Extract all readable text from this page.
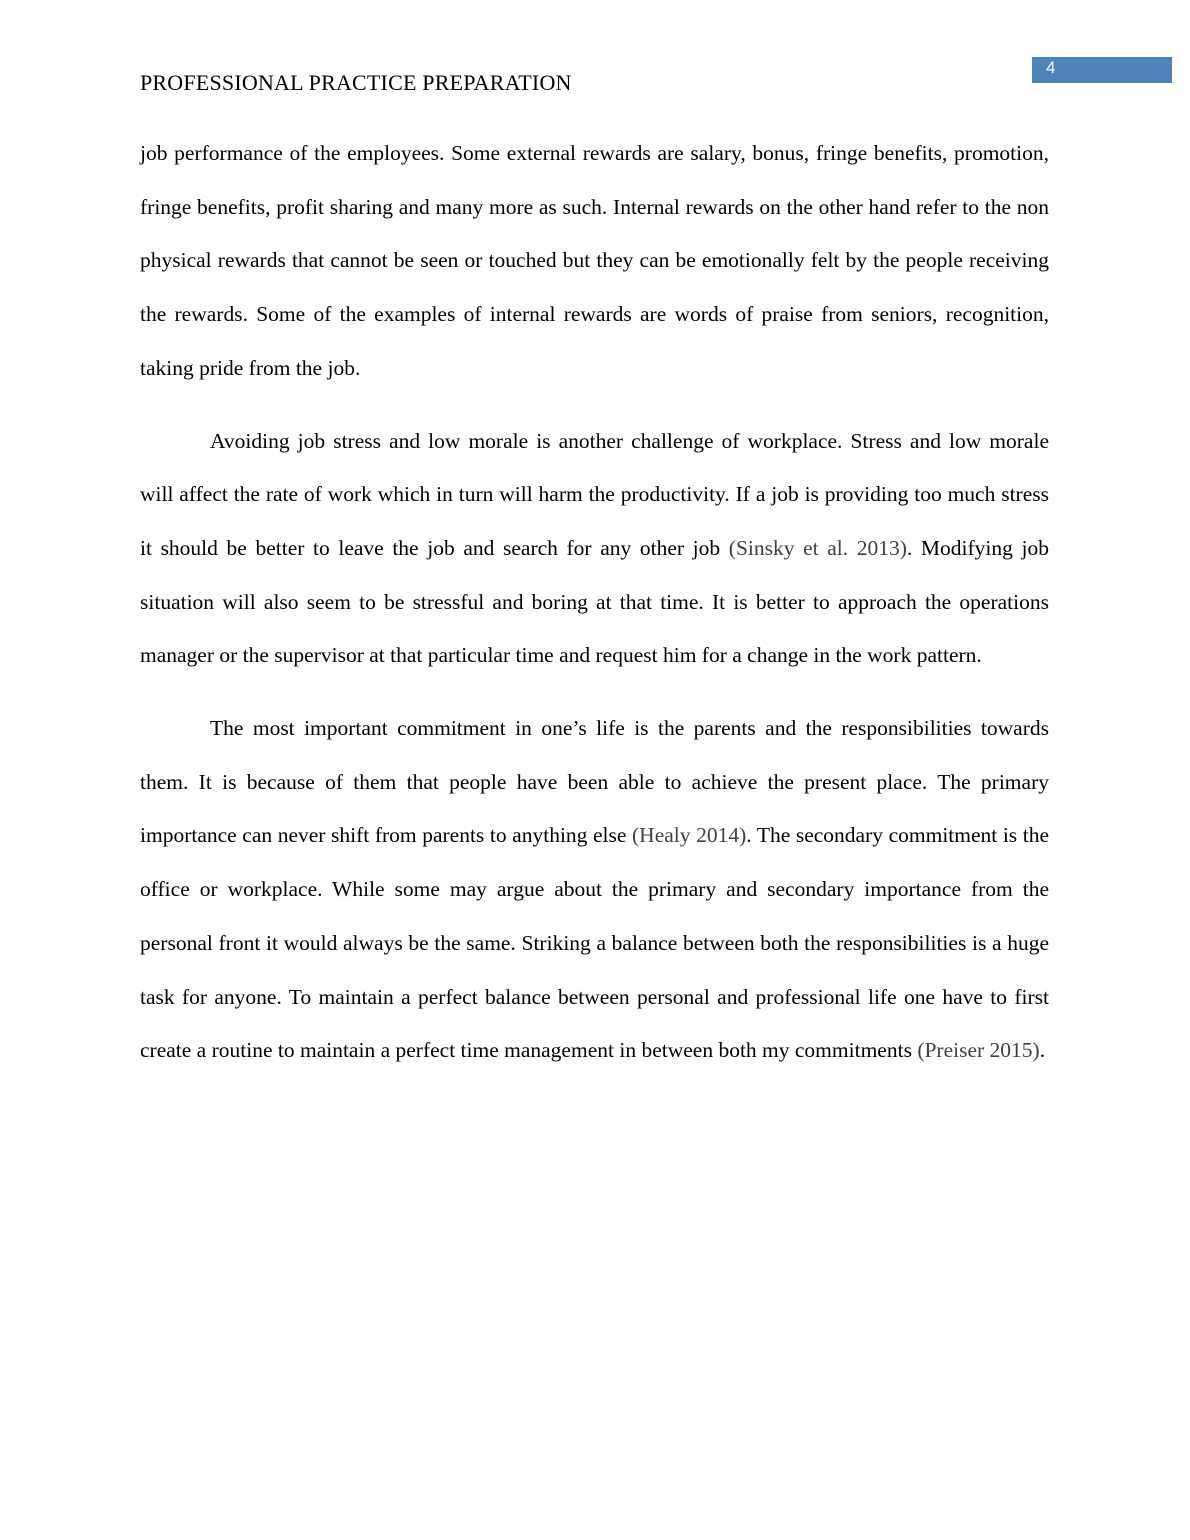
PROFESSIONAL PRACTICE PREPARATION
4

job performance of the employees. Some external rewards are salary, bonus, fringe benefits, promotion, fringe benefits, profit sharing and many more as such. Internal rewards on the other hand refer to the non physical rewards that cannot be seen or touched but they can be emotionally felt by the people receiving the rewards. Some of the examples of internal rewards are words of praise from seniors, recognition, taking pride from the job.

Avoiding job stress and low morale is another challenge of workplace. Stress and low morale will affect the rate of work which in turn will harm the productivity. If a job is providing too much stress it should be better to leave the job and search for any other job (Sinsky et al. 2013). Modifying job situation will also seem to be stressful and boring at that time. It is better to approach the operations manager or the supervisor at that particular time and request him for a change in the work pattern.

The most important commitment in one’s life is the parents and the responsibilities towards them. It is because of them that people have been able to achieve the present place. The primary importance can never shift from parents to anything else (Healy 2014). The secondary commitment is the office or workplace. While some may argue about the primary and secondary importance from the personal front it would always be the same. Striking a balance between both the responsibilities is a huge task for anyone. To maintain a perfect balance between personal and professional life one have to first create a routine to maintain a perfect time management in between both my commitments (Preiser 2015).
